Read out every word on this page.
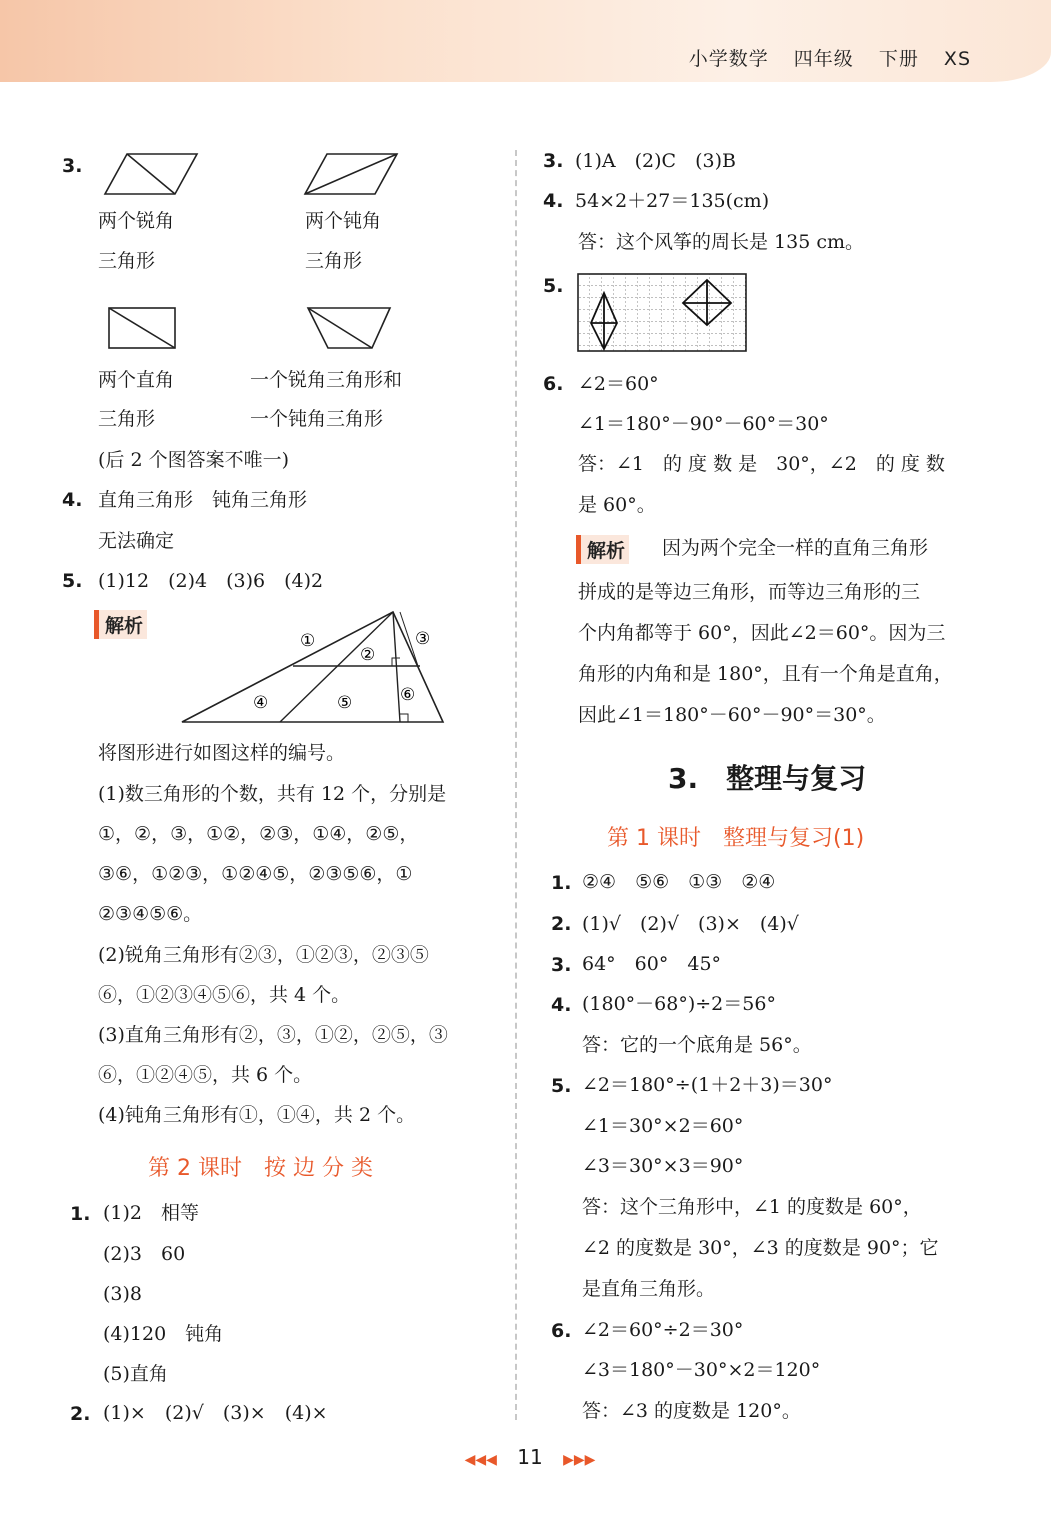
小学数学 四年级 下册 XS
3.
两个锐角
三角形
两个钝角
三角形
两个直角
三角形
一个锐角三角形和
一个钝角三角形
(后 2 个图答案不唯一)
4. 直角三角形　钝角三角形
无法确定
5. (1)12　(2)4　(3)6　(4)2
解析
①
②
③
④	⑤	⑥
将图形进行如图这样的编号。
(1)数三角形的个数，共有 12 个，分别是
①，②，③，①②，②③，①④，②⑤，
③⑥，①②③，①②④⑤，②③⑤⑥，①
②③④⑤⑥。
(2)锐角三角形有②③，①②③，②③⑤
⑥，①②③④⑤⑥，共 4 个。
(3)直角三角形有②，③，①②，②⑤，③
⑥，①②④⑤，共 6 个。
(4)钝角三角形有①，①④，共 2 个。
第 2 课时　按 边 分 类
1. (1)2　相等
(2)3　60
(3)8
(4)120　钝角
(5)直角
2. (1)×　(2)√　(3)×　(4)×
3. (1)A　(2)C　(3)B
4. 54×2＋27＝135(cm)
答：这个风筝的周长是 135 cm。
5.
6. ∠2＝60°
∠1＝180°－90°－60°＝30°
答：∠1　的 度 数 是　30°，∠2　的 度 数
是 60°。
解析 因为两个完全一样的直角三角形
拼成的是等边三角形，而等边三角形的三
个内角都等于 60°，因此∠2＝60°。因为三
角形的内角和是 180°，且有一个角是直角，
因此∠1＝180°－60°－90°＝30°。
3.　整理与复习
第 1 课时　整理与复习(1)
1. ②④　⑤⑥　①③　②④
2. (1)√　(2)√　(3)×　(4)√
3. 64°　60°　45°
4. (180°－68°)÷2＝56°
答：它的一个底角是 56°。
5. ∠2＝180°÷(1＋2＋3)＝30°
∠1＝30°×2＝60°
∠3＝30°×3＝90°
答：这个三角形中，∠1 的度数是 60°，
∠2 的度数是 30°，∠3 的度数是 90°；它
是直角三角形。
6. ∠2＝60°÷2＝30°
∠3＝180°－30°×2＝120°
答：∠3 的度数是 120°。
◀◀◀ 11 ▶▶▶
